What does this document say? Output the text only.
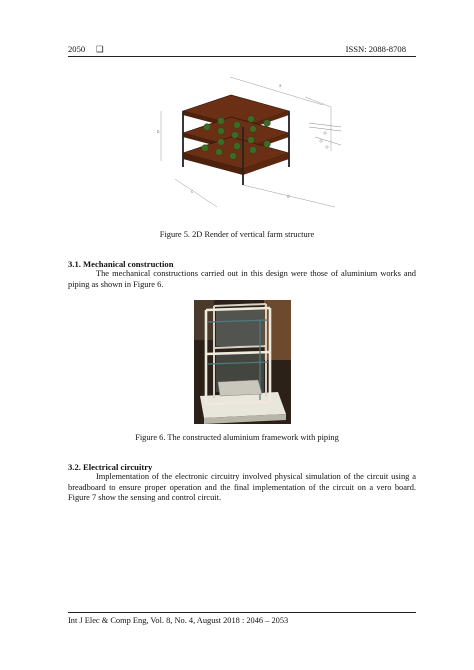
2050 ❑	ISSN: 2088-8708
a
b
c
d
Figure 5. 2D Render of vertical farm structure
3.1. Mechanical construction
The mechanical constructions carried out in this design were those of aluminium works and piping as shown in Figure 6.
Figure 6. The constructed aluminium framework with piping
3.2. Electrical circuitry
Implementation of the electronic circuitry involved physical simulation of the circuit using a breadboard to ensure proper operation and the final implementation of the circuit on a vero board. Figure 7 show the sensing and control circuit.
Int J Elec & Comp Eng, Vol. 8, No. 4, August 2018 : 2046 – 2053
